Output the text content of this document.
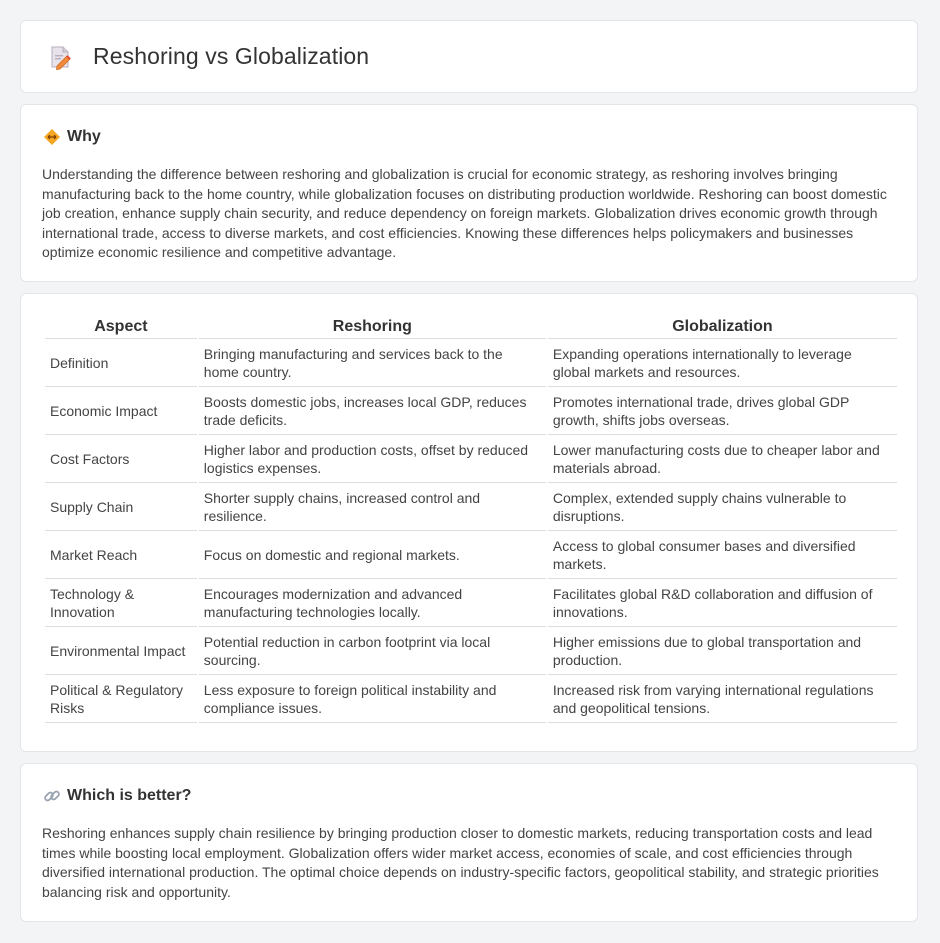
Reshoring vs Globalization
Why

Understanding the difference between reshoring and globalization is crucial for economic strategy, as reshoring involves bringing manufacturing back to the home country, while globalization focuses on distributing production worldwide. Reshoring can boost domestic job creation, enhance supply chain security, and reduce dependency on foreign markets. Globalization drives economic growth through international trade, access to diverse markets, and cost efficiencies. Knowing these differences helps policymakers and businesses optimize economic resilience and competitive advantage.

Aspect	Reshoring	Globalization
Definition	Bringing manufacturing and services back to the home country.	Expanding operations internationally to leverage global markets and resources.
Economic Impact	Boosts domestic jobs, increases local GDP, reduces trade deficits.	Promotes international trade, drives global GDP growth, shifts jobs overseas.
Cost Factors	Higher labor and production costs, offset by reduced logistics expenses.	Lower manufacturing costs due to cheaper labor and materials abroad.
Supply Chain	Shorter supply chains, increased control and resilience.	Complex, extended supply chains vulnerable to disruptions.
Market Reach	Focus on domestic and regional markets.	Access to global consumer bases and diversified markets.
Technology & Innovation	Encourages modernization and advanced manufacturing technologies locally.	Facilitates global R&D collaboration and diffusion of innovations.
Environmental Impact	Potential reduction in carbon footprint via local sourcing.	Higher emissions due to global transportation and production.
Political & Regulatory Risks	Less exposure to foreign political instability and compliance issues.	Increased risk from varying international regulations and geopolitical tensions.
Which is better?

Reshoring enhances supply chain resilience by bringing production closer to domestic markets, reducing transportation costs and lead times while boosting local employment. Globalization offers wider market access, economies of scale, and cost efficiencies through diversified international production. The optimal choice depends on industry-specific factors, geopolitical stability, and strategic priorities balancing risk and opportunity.
